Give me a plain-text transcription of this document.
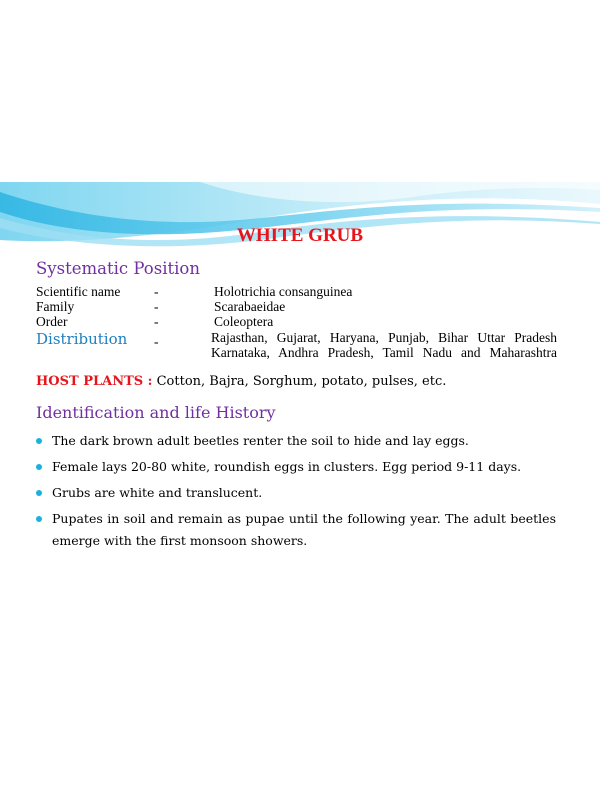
WHITE GRUB
Systematic Position
Scientific name -	Holotrichia consanguinea
Family	-	Scarabaeidae
Order	-	Coleoptera
Distribution -	Rajasthan, Gujarat, Haryana, Punjab, Bihar Uttar Pradesh
Karnataka, Andhra Pradesh, Tamil Nadu and Maharashtra
HOST PLANTS : Cotton, Bajra, Sorghum, potato, pulses, etc.
Identification and life History
The dark brown adult beetles renter the soil to hide and lay eggs.
Female lays 20-80 white, roundish eggs in clusters. Egg period 9-11 days.
Grubs are white and translucent.
Pupates in soil and remain as pupae until the following year. The adult beetles emerge with the first monsoon showers.
